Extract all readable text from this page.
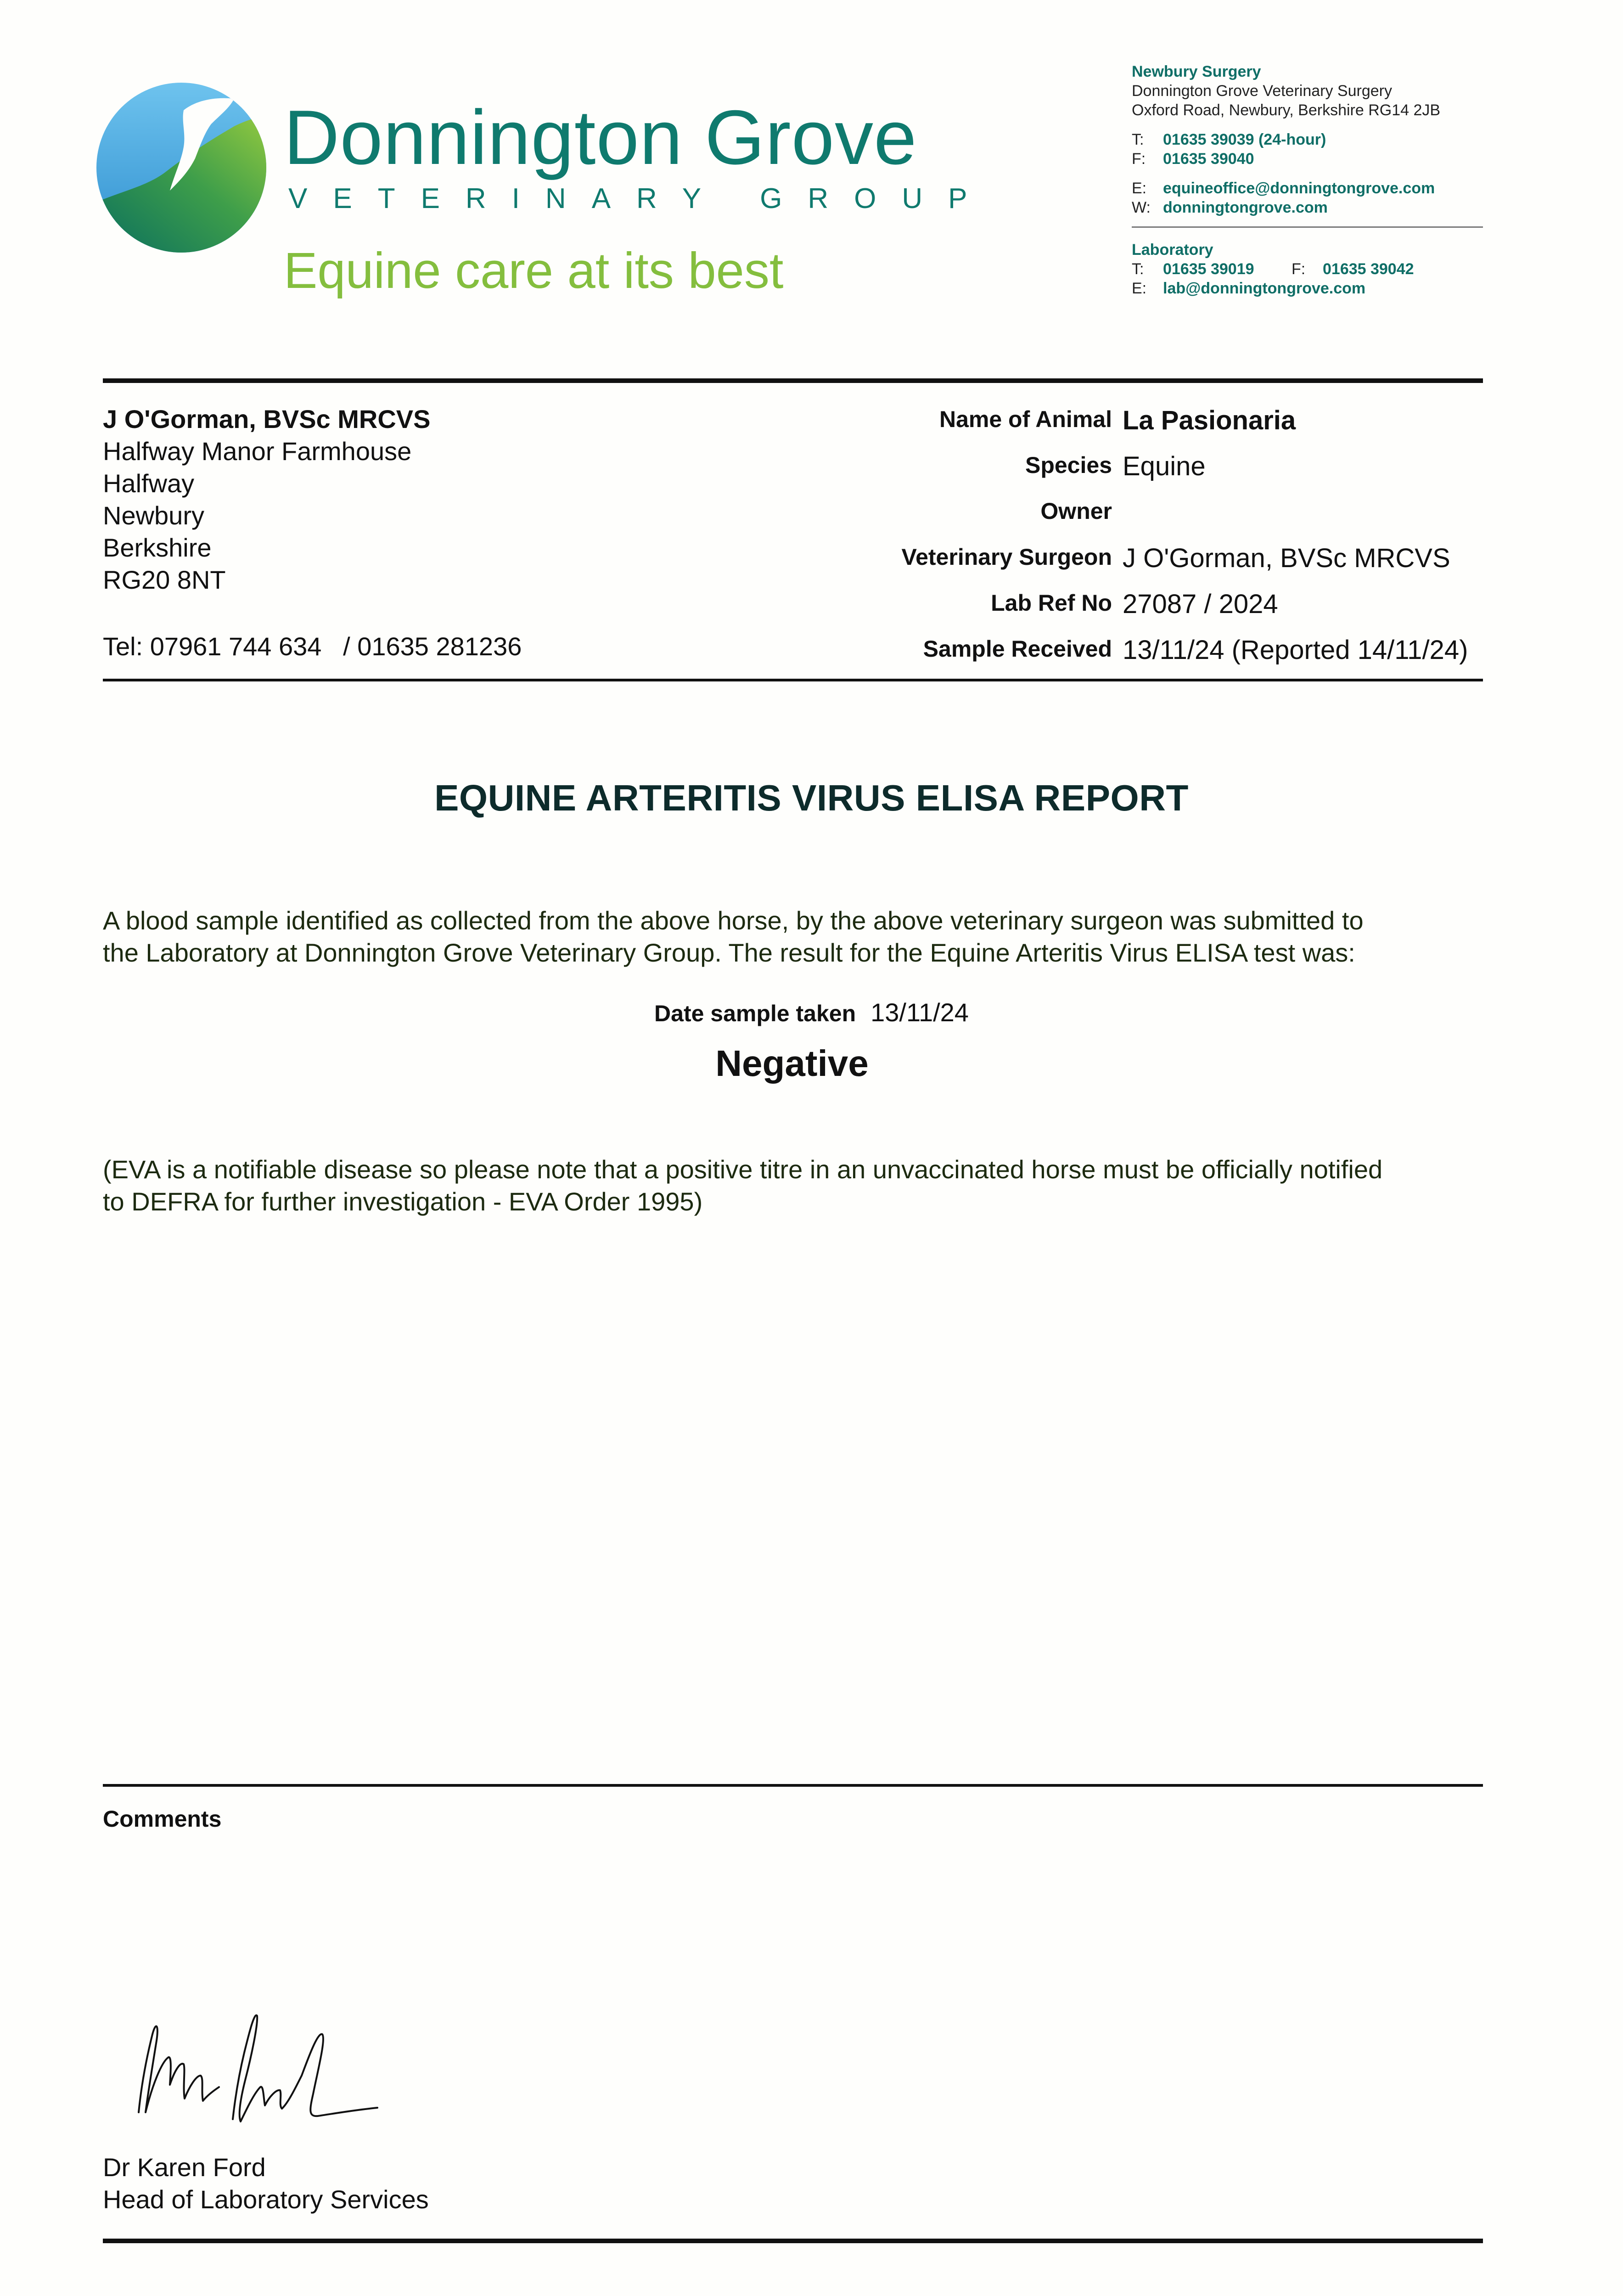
Donnington Grove
VETERINARY GROUP
Equine care at its best
Newbury Surgery
Donnington Grove Veterinary Surgery
Oxford Road, Newbury, Berkshire RG14 2JB
T: 01635 39039 (24-hour)
F: 01635 39040
E: equineoffice@donningtongrove.com
W: donningtongrove.com
Laboratory
T: 01635 39019 F: 01635 39042
E: lab@donningtongrove.com
J O'Gorman, BVSc MRCVS
Halfway Manor Farmhouse
Halfway
Newbury
Berkshire
RG20 8NT
Tel: 07961 744 634   / 01635 281236
Name of Animal La Pasionaria
Species Equine
Owner
Veterinary Surgeon J O'Gorman, BVSc MRCVS
Lab Ref No 27087 / 2024
Sample Received 13/11/24 (Reported 14/11/24)
EQUINE ARTERITIS VIRUS ELISA REPORT
A blood sample identified as collected from the above horse, by the above veterinary surgeon was submitted to
the Laboratory at Donnington Grove Veterinary Group. The result for the Equine Arteritis Virus ELISA test was:
Date sample taken 13/11/24
Negative
(EVA is a notifiable disease so please note that a positive titre in an unvaccinated horse must be officially notified
to DEFRA for further investigation - EVA Order 1995)
Comments
Dr Karen Ford
Head of Laboratory Services
